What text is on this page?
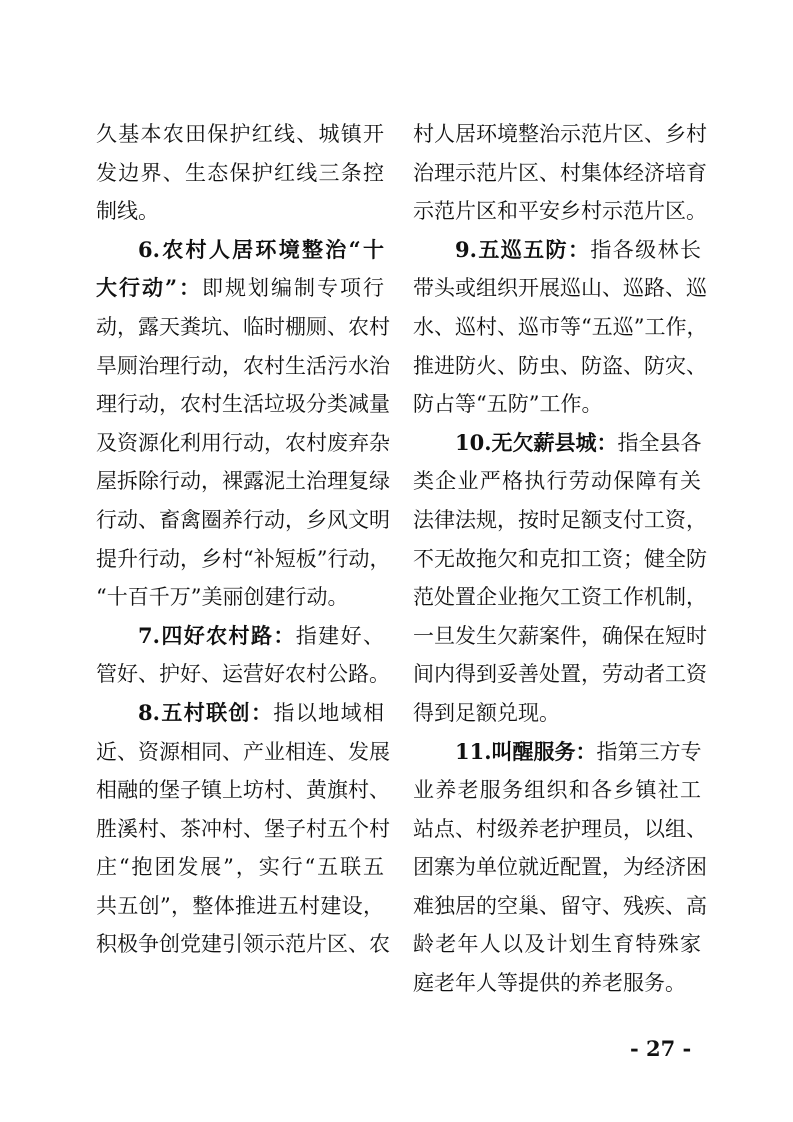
久基本农田保护红线、城镇开
发边界、生态保护红线三条控
制线。
6.农村人居环境整治“十
大行动”：即规划编制专项行
动，露天粪坑、临时棚厕、农村
旱厕治理行动，农村生活污水治
理行动，农村生活垃圾分类减量
及资源化利用行动，农村废弃杂
屋拆除行动，裸露泥土治理复绿
行动、畜禽圈养行动，乡风文明
提升行动，乡村“补短板”行动，
“十百千万”美丽创建行动。
7.四好农村路：指建好、
管好、护好、运营好农村公路。
8.五村联创：指以地域相
近、资源相同、产业相连、发展
相融的堡子镇上坊村、黄旗村、
胜溪村、茶冲村、堡子村五个村
庄“抱团发展”，实行“五联五
共五创”，整体推进五村建设，
积极争创党建引领示范片区、农
村人居环境整治示范片区、乡村
治理示范片区、村集体经济培育
示范片区和平安乡村示范片区。
9.五巡五防：指各级林长
带头或组织开展巡山、巡路、巡
水、巡村、巡市等“五巡”工作，
推进防火、防虫、防盗、防灾、
防占等“五防”工作。
10.无欠薪县城：指全县各
类企业严格执行劳动保障有关
法律法规，按时足额支付工资，
不无故拖欠和克扣工资；健全防
范处置企业拖欠工资工作机制，
一旦发生欠薪案件，确保在短时
间内得到妥善处置，劳动者工资
得到足额兑现。
11.叫醒服务：指第三方专
业养老服务组织和各乡镇社工
站点、村级养老护理员，以组、
团寨为单位就近配置，为经济困
难独居的空巢、留守、残疾、高
龄老年人以及计划生育特殊家
庭老年人等提供的养老服务。
- 27 -
